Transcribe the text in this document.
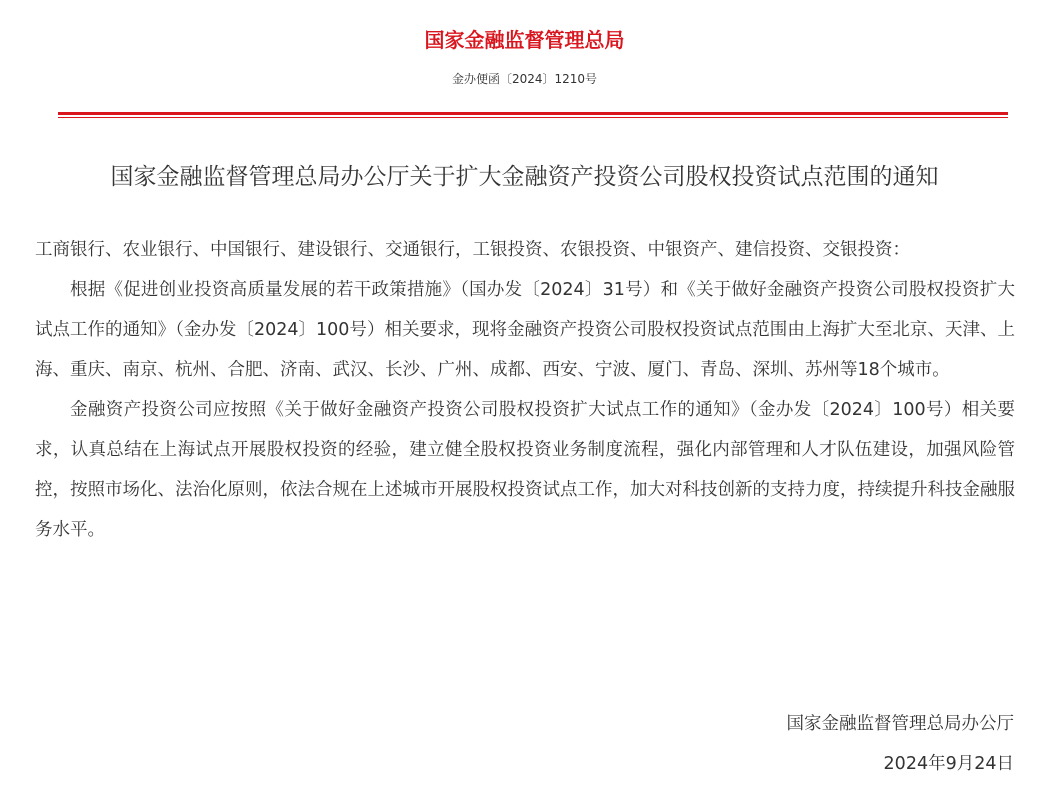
国家金融监督管理总局
金办便函〔2024〕1210号
国家金融监督管理总局办公厅关于扩大金融资产投资公司股权投资试点范围的通知

工商银行、农业银行、中国银行、建设银行、交通银行，工银投资、农银投资、中银资产、建信投资、交银投资：

根据《促进创业投资高质量发展的若干政策措施》（国办发〔2024〕31号）和《关于做好金融资产投资公司股权投资扩大试点工作的通知》（金办发〔2024〕100号）相关要求，现将金融资产投资公司股权投资试点范围由上海扩大至北京、天津、上海、重庆、南京、杭州、合肥、济南、武汉、长沙、广州、成都、西安、宁波、厦门、青岛、深圳、苏州等18个城市。

金融资产投资公司应按照《关于做好金融资产投资公司股权投资扩大试点工作的通知》（金办发〔2024〕100号）相关要求，认真总结在上海试点开展股权投资的经验，建立健全股权投资业务制度流程，强化内部管理和人才队伍建设，加强风险管控，按照市场化、法治化原则，依法合规在上述城市开展股权投资试点工作，加大对科技创新的支持力度，持续提升科技金融服务水平。

国家金融监督管理总局办公厅

2024年9月24日
